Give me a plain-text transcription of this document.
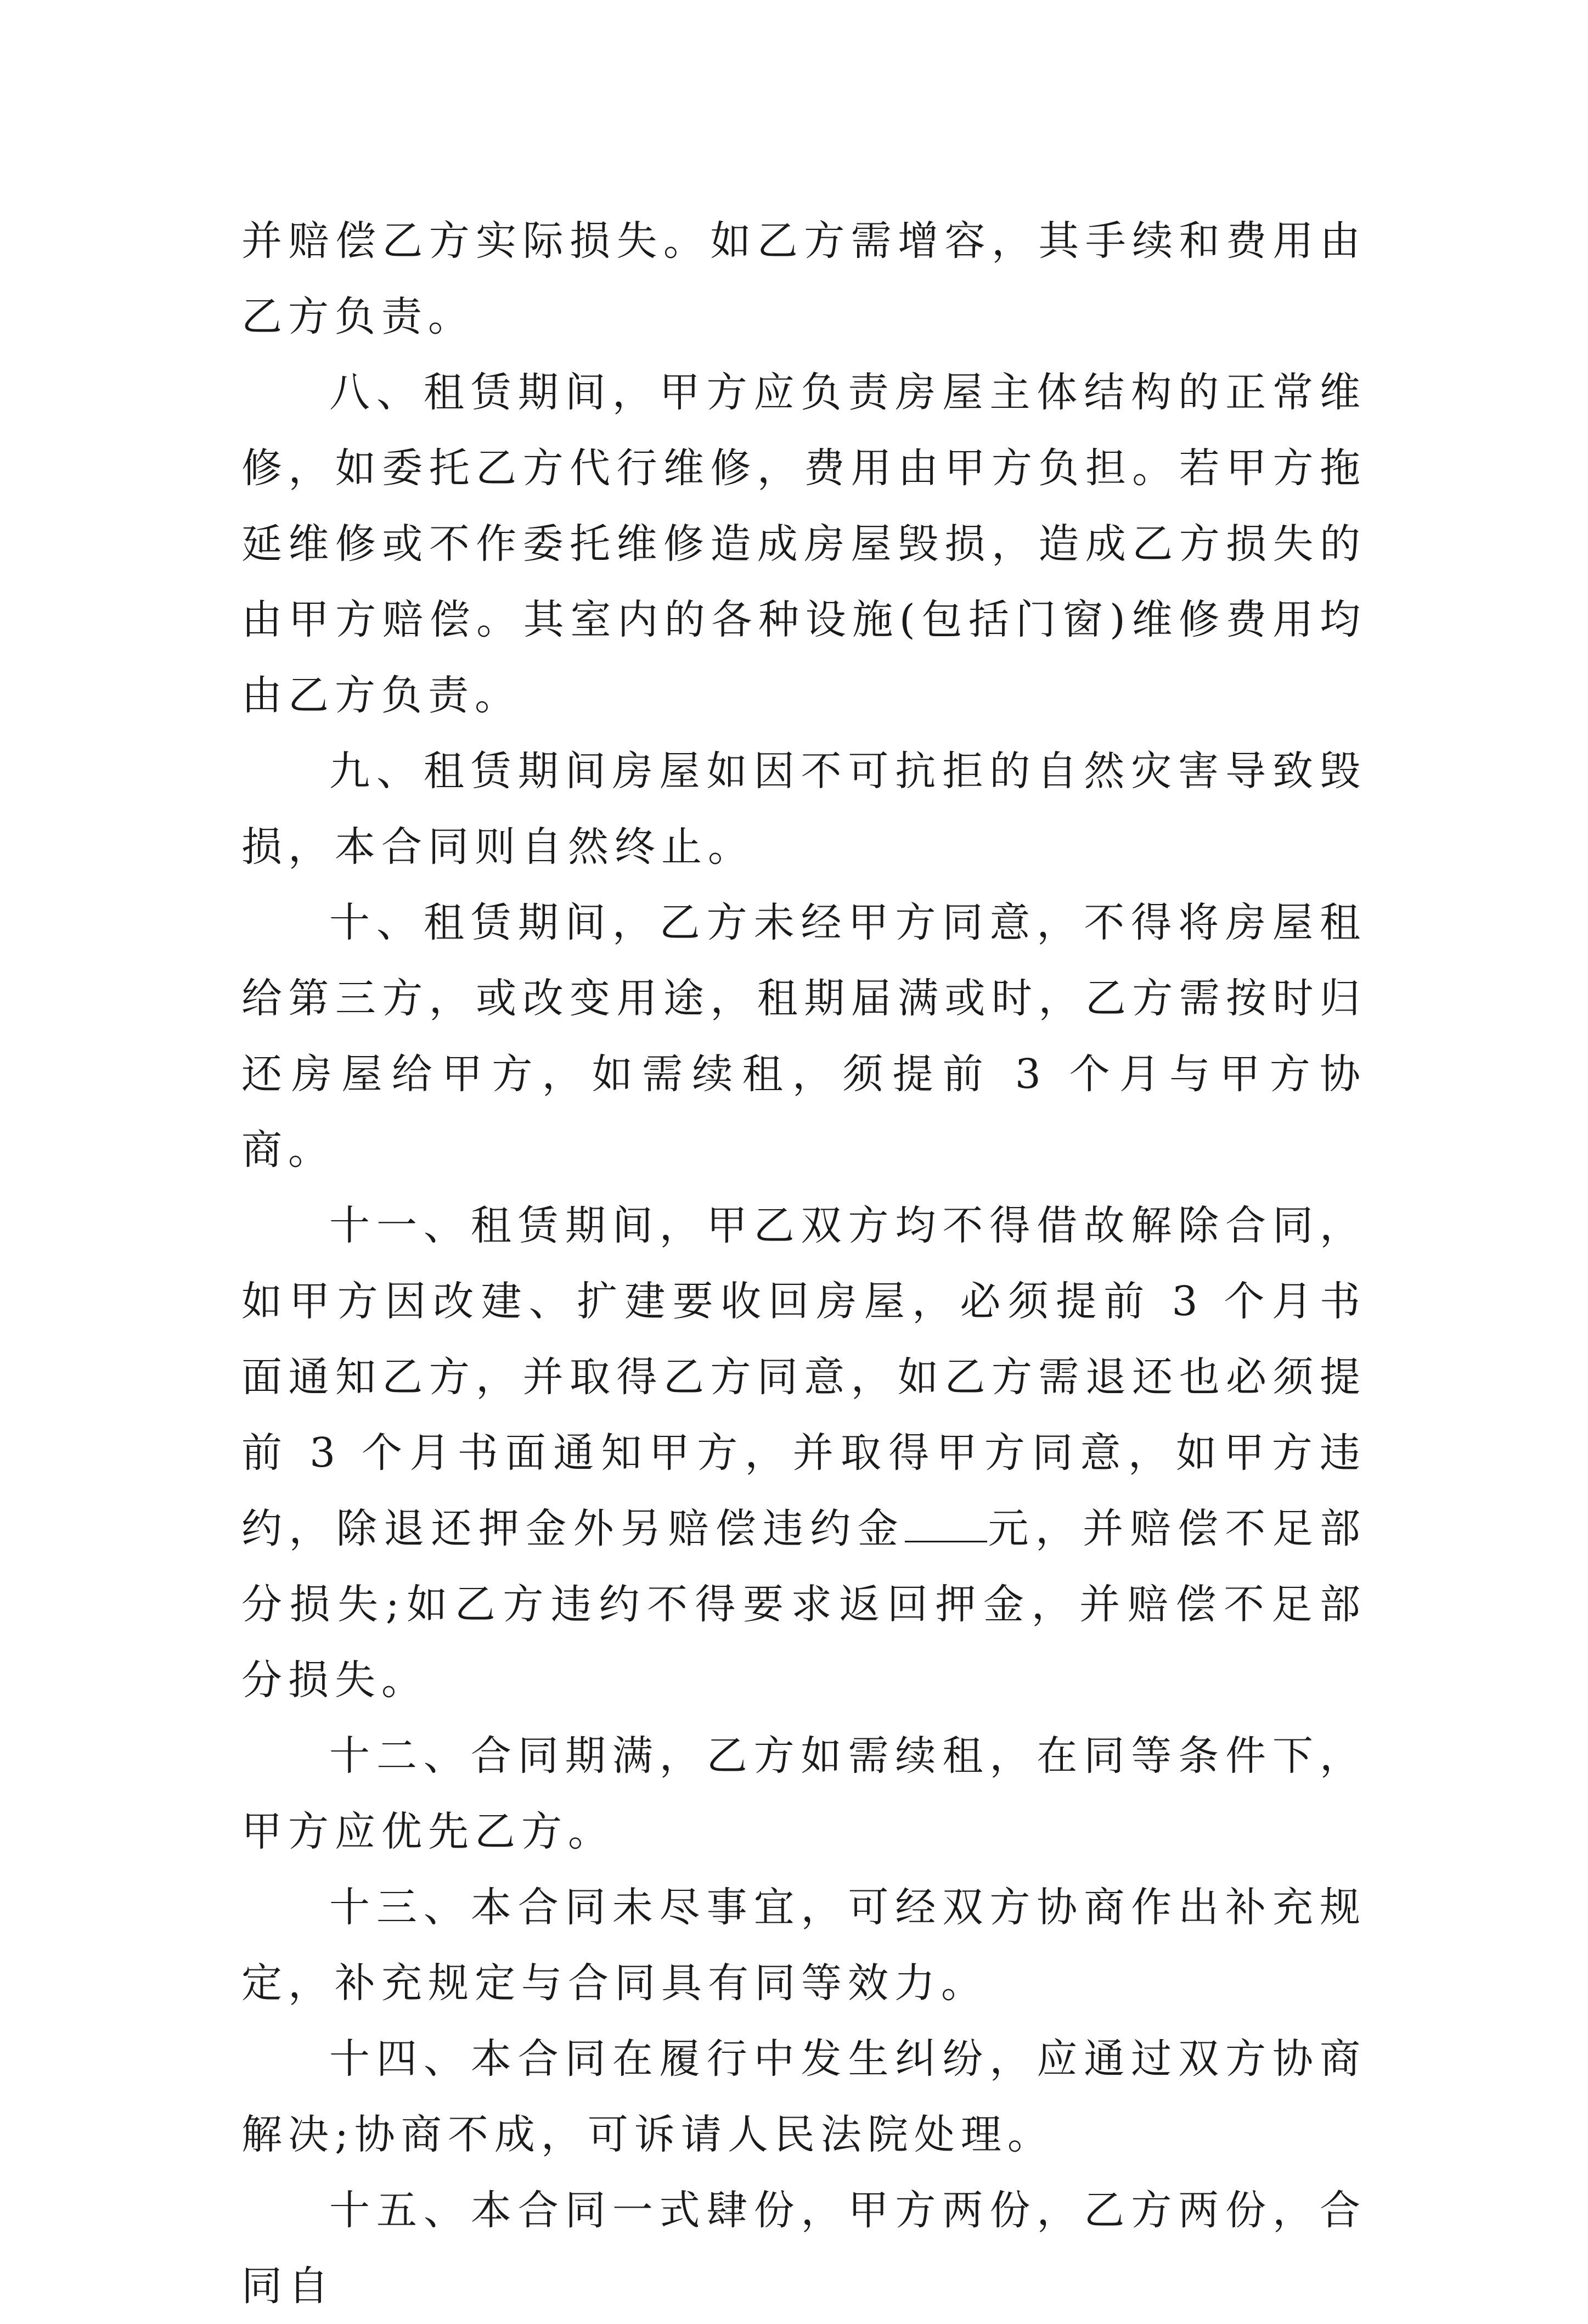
并赔偿乙方实际损失。如乙方需增容，其手续和费用由乙方负责。

八、租赁期间，甲方应负责房屋主体结构的正常维修，如委托乙方代行维修，费用由甲方负担。若甲方拖延维修或不作委托维修造成房屋毁损，造成乙方损失的由甲方赔偿。其室内的各种设施(包括门窗)维修费用均由乙方负责。

九、租赁期间房屋如因不可抗拒的自然灾害导致毁损，本合同则自然终止。

十、租赁期间，乙方未经甲方同意，不得将房屋租给第三方，或改变用途，租期届满或时，乙方需按时归还房屋给甲方，如需续租，须提前 3 个月与甲方协商。

十一、租赁期间，甲乙双方均不得借故解除合同，如甲方因改建、扩建要收回房屋，必须提前 3 个月书面通知乙方，并取得乙方同意，如乙方需退还也必须提前 3 个月书面通知甲方，并取得甲方同意，如甲方违约，除退还押金外另赔偿违约金 元，并赔偿不足部分损失;如乙方违约不得要求返回押金，并赔偿不足部分损失。

十二、合同期满，乙方如需续租，在同等条件下，甲方应优先乙方。

十三、本合同未尽事宜，可经双方协商作出补充规定，补充规定与合同具有同等效力。

十四、本合同在履行中发生纠纷，应通过双方协商解决;协商不成，可诉请人民法院处理。

十五、本合同一式肆份，甲方两份，乙方两份，合同自
